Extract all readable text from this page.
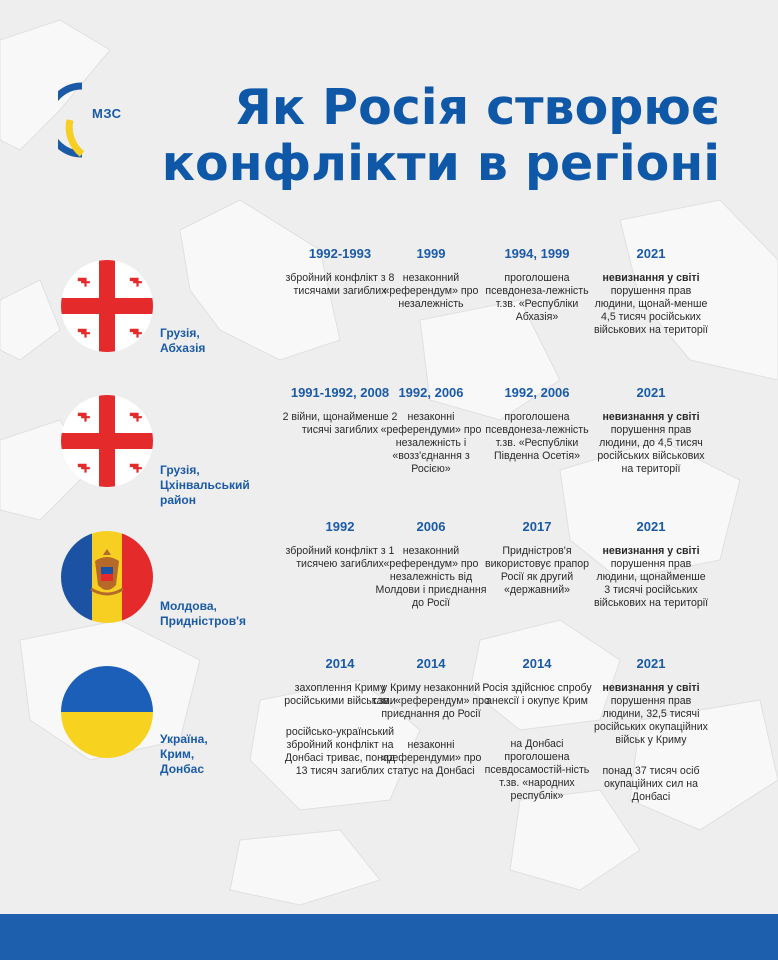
МЗС	Як Росія створює
конфлікти в регіоні
Грузія,
Абхазія
1992-1993
збройний конфлікт з 8 тисячами загиблих
1999
незаконний «референдум» про незалежність
1994, 1999
проголошена псевдонеза-лежність т.зв. «Республіки Абхазія»
2021
невизнання у світі
порушення прав людини, щонай-менше 4,5 тисяч російських військових на території
Грузія,
Цхінвальський
район
1991-1992, 2008
2 війни, щонайменше 2 тисячі загиблих
1992, 2006
незаконні «референдуми» про незалежність і «возз'єднання з Росією»
1992, 2006
проголошена псевдонеза-лежність т.зв. «Республіки Південна Осетія»
2021
невизнання у світі
порушення прав людини, до 4,5 тисяч російських військових на території
Молдова,
Придністров'я
1992
збройний конфлікт з 1 тисячею загиблих
2006
незаконний «референдум» про незалежність від Молдови і приєднання до Росії
2017
Придністров'я використовує прапор Росії як другий «державний»
2021
невизнання у світі
порушення прав людини, щонайменше 3 тисячі російських військових на території
Україна,
Крим,
Донбас
2014
захоплення Криму російськими військами
російсько-український збройний конфлікт на Донбасі триває, понад 13 тисяч загиблих
2014
у Криму незаконний т.зв. «референдум» про приєднання до Росії
незаконні «референдуми» про статус на Донбасі
2014
Росія здійснює спробу анексії і окупує Крим
на Донбасі проголошена псевдосамостій-ність т.зв. «народних республік»
2021
невизнання у світі
порушення прав людини, 32,5 тисячі російських окупаційних військ у Криму
понад 37 тисяч осіб окупаційних сил на Донбасі
